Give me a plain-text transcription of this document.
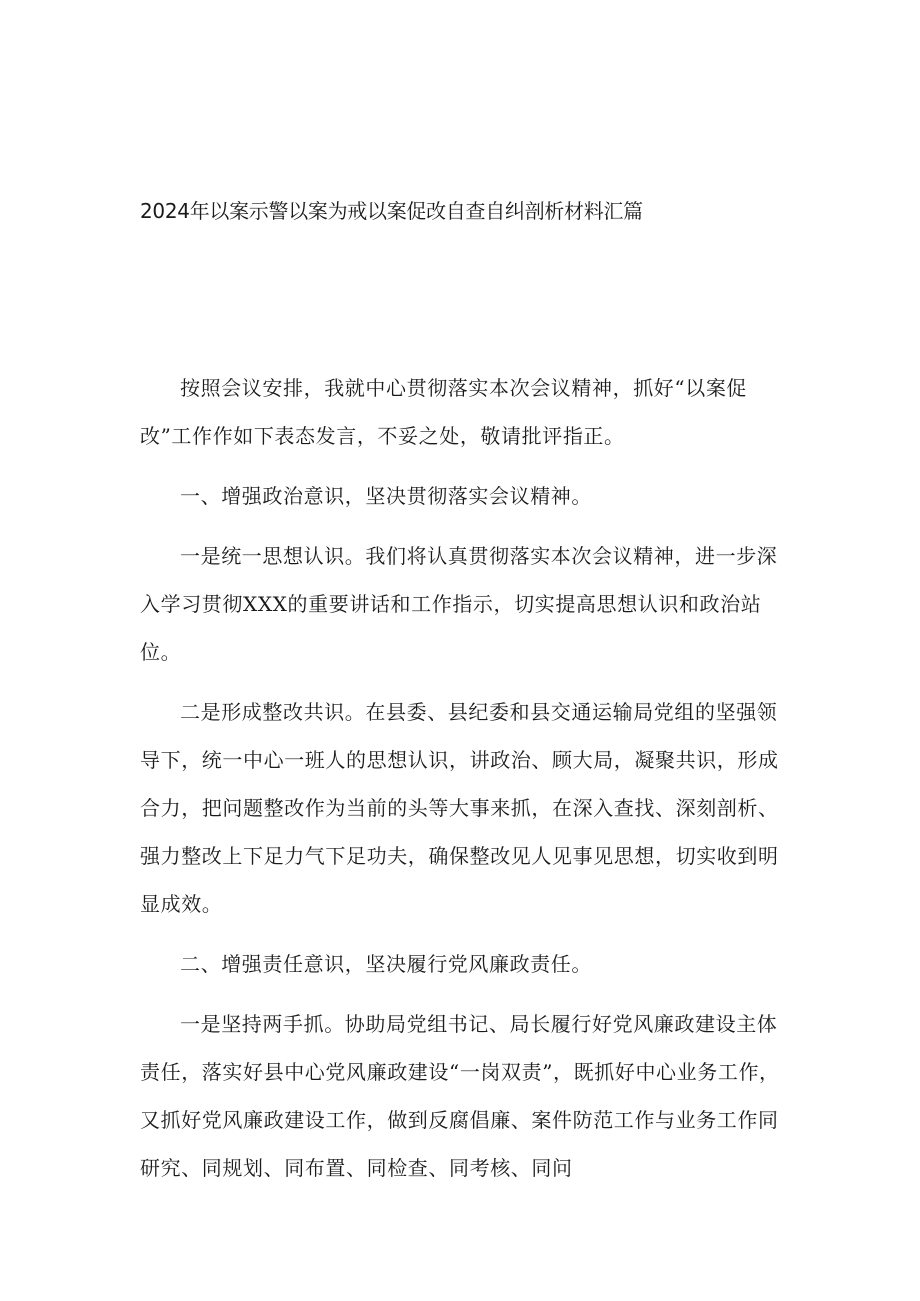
2024年以案示警以案为戒以案促改自查自纠剖析材料汇篇

按照会议安排，我就中心贯彻落实本次会议精神，抓好“以案促改”工作作如下表态发言，不妥之处，敬请批评指正。

一、增强政治意识，坚决贯彻落实会议精神。

一是统一思想认识。我们将认真贯彻落实本次会议精神，进一步深入学习贯彻XXX的重要讲话和工作指示，切实提高思想认识和政治站位。

二是形成整改共识。在县委、县纪委和县交通运输局党组的坚强领导下，统一中心一班人的思想认识，讲政治、顾大局，凝聚共识，形成合力，把问题整改作为当前的头等大事来抓，在深入查找、深刻剖析、强力整改上下足力气下足功夫，确保整改见人见事见思想，切实收到明显成效。

二、增强责任意识，坚决履行党风廉政责任。

一是坚持两手抓。协助局党组书记、局长履行好党风廉政建设主体责任，落实好县中心党风廉政建设“一岗双责”，既抓好中心业务工作，又抓好党风廉政建设工作，做到反腐倡廉、案件防范工作与业务工作同研究、同规划、同布置、同检查、同考核、同问
